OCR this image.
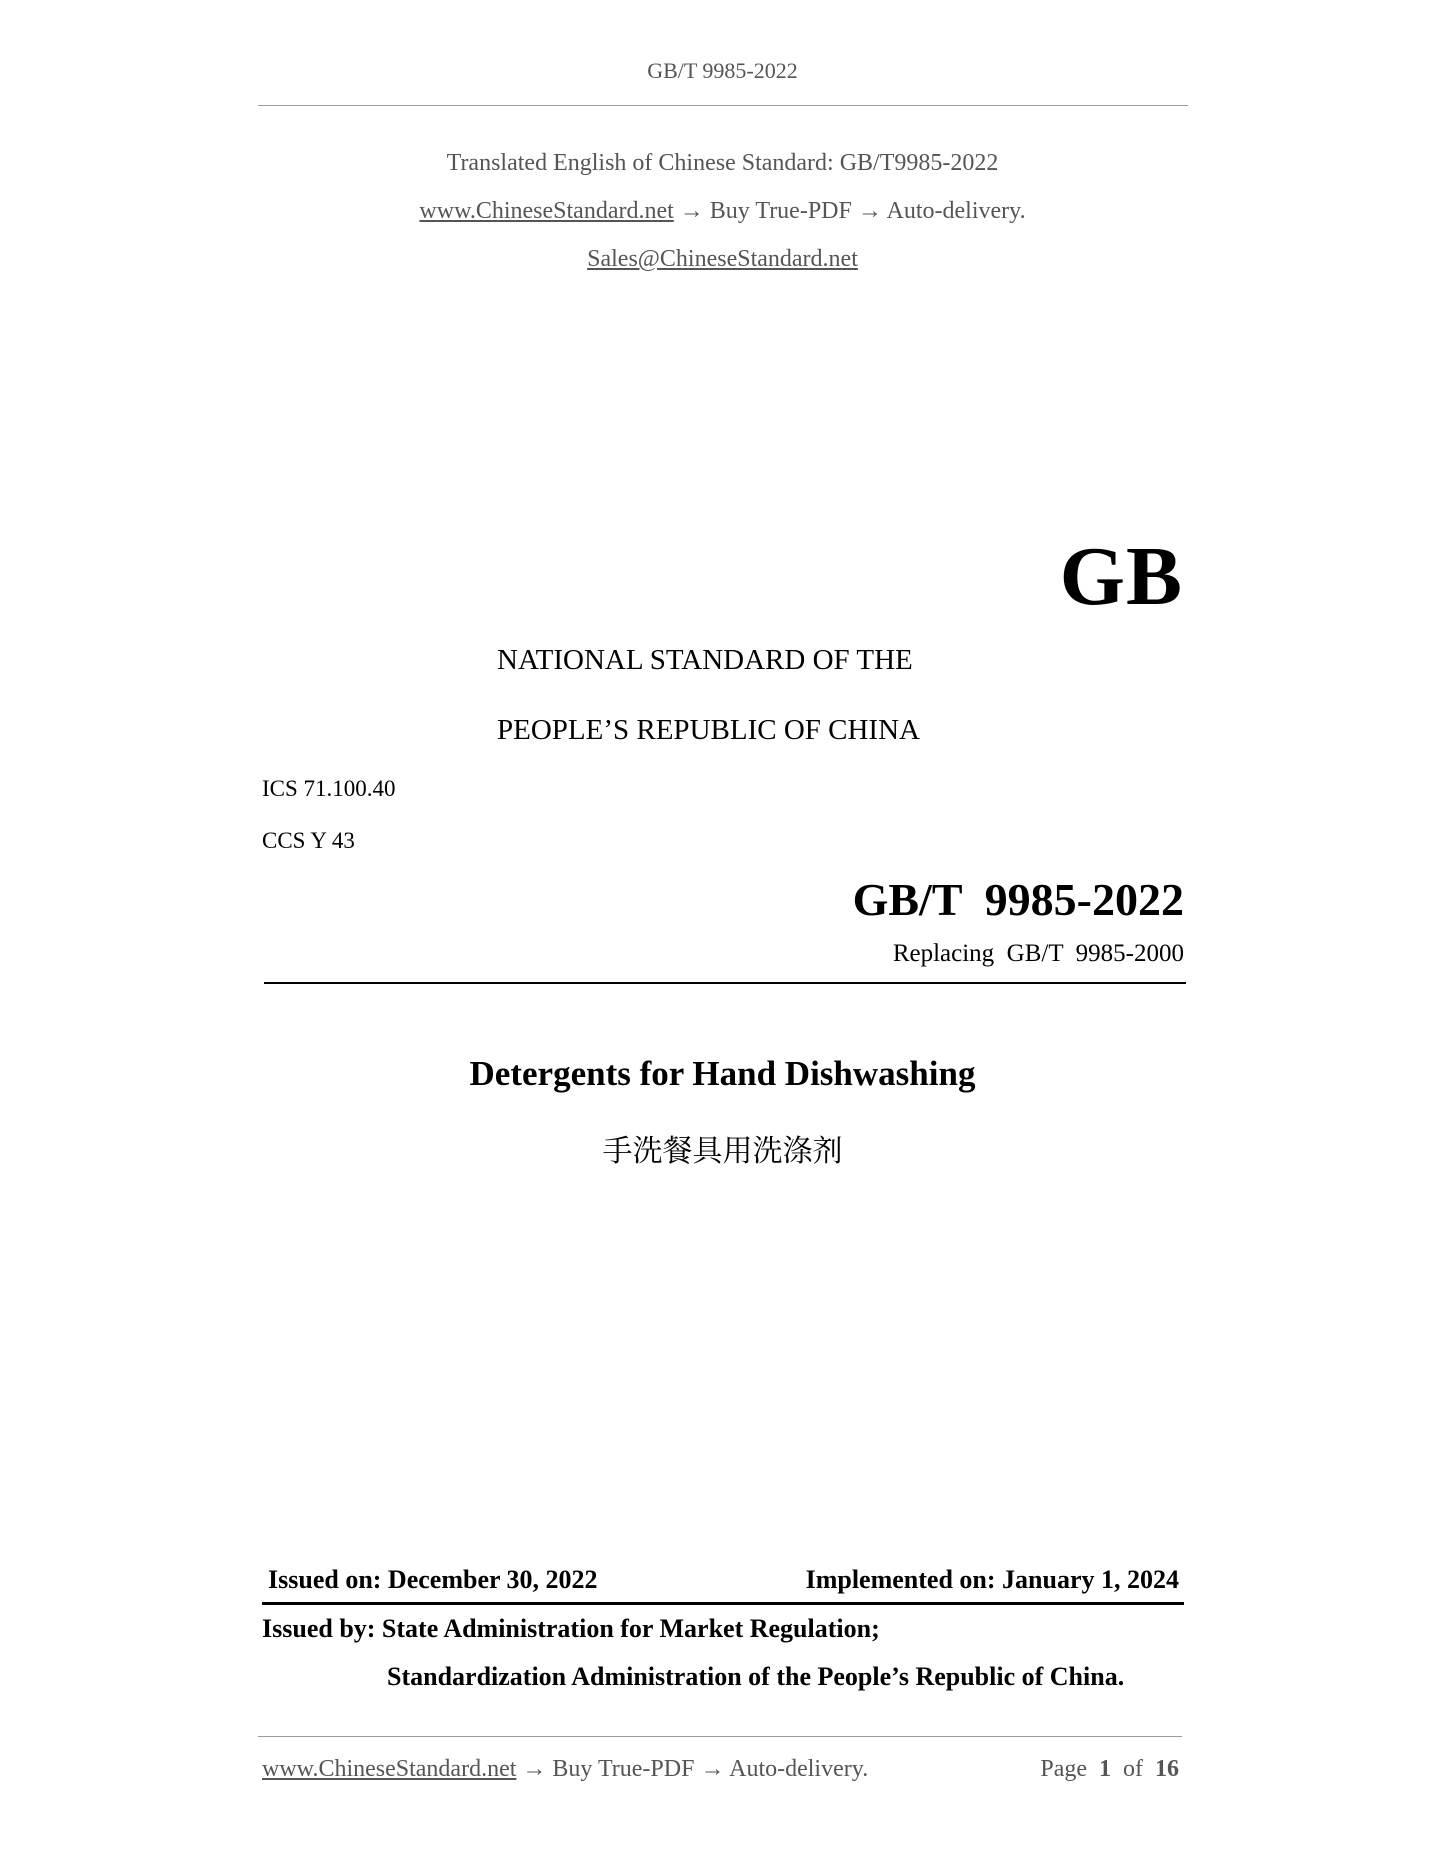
GB/T 9985-2022
Translated English of Chinese Standard: GB/T9985-2022
www.ChineseStandard.net → Buy True-PDF → Auto-delivery.
Sales@ChineseStandard.net
GB
NATIONAL STANDARD OF THE
PEOPLE’S REPUBLIC OF CHINA
ICS 71.100.40
CCS Y 43
GB/T  9985-2022
Replacing  GB/T  9985-2000
Detergents for Hand Dishwashing
手洗餐具用洗涤剂
Issued on: December 30, 2022	Implemented on: January 1, 2024
Issued by: State Administration for Market Regulation;
Standardization Administration of the People’s Republic of China.
www.ChineseStandard.net → Buy True-PDF → Auto-delivery.	Page 1 of 16
